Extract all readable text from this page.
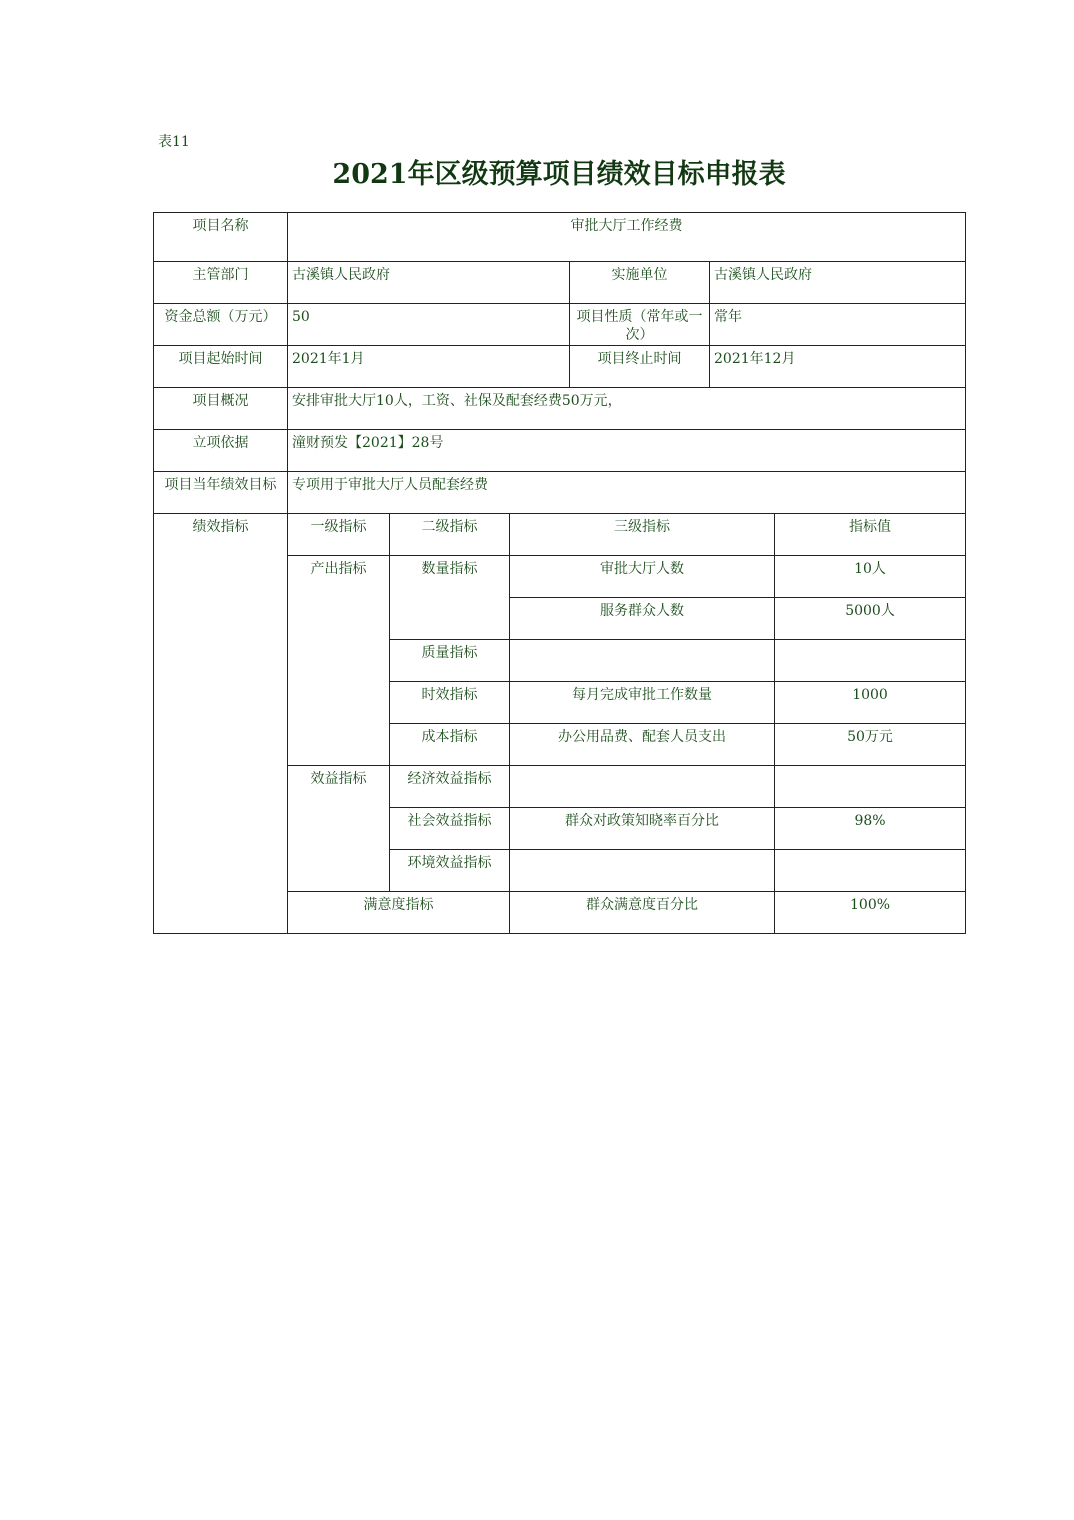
表11
2021年区级预算项目绩效目标申报表
项目名称	审批大厅工作经费					
主管部门	古溪镇人民政府			实施单位	古溪镇人民政府	
资金总额（万元）	50			项目性质（常年或一次）	常年	
项目起始时间	2021年1月			项目终止时间	2021年12月	
项目概况	安排审批大厅10人，工资、社保及配套经费50万元，					
立项依据	潼财预发【2021】28号					
项目当年绩效目标	专项用于审批大厅人员配套经费					
绩效指标	一级指标	二级指标	三级指标			指标值
	产出指标	数量指标	审批大厅人数			10人
			服务群众人数			5000人
		质量指标				
		时效指标	每月完成审批工作数量			1000
		成本指标	办公用品费、配套人员支出			50万元
	效益指标	经济效益指标				
		社会效益指标	群众对政策知晓率百分比			98%
		环境效益指标				
	满意度指标		群众满意度百分比			100%
